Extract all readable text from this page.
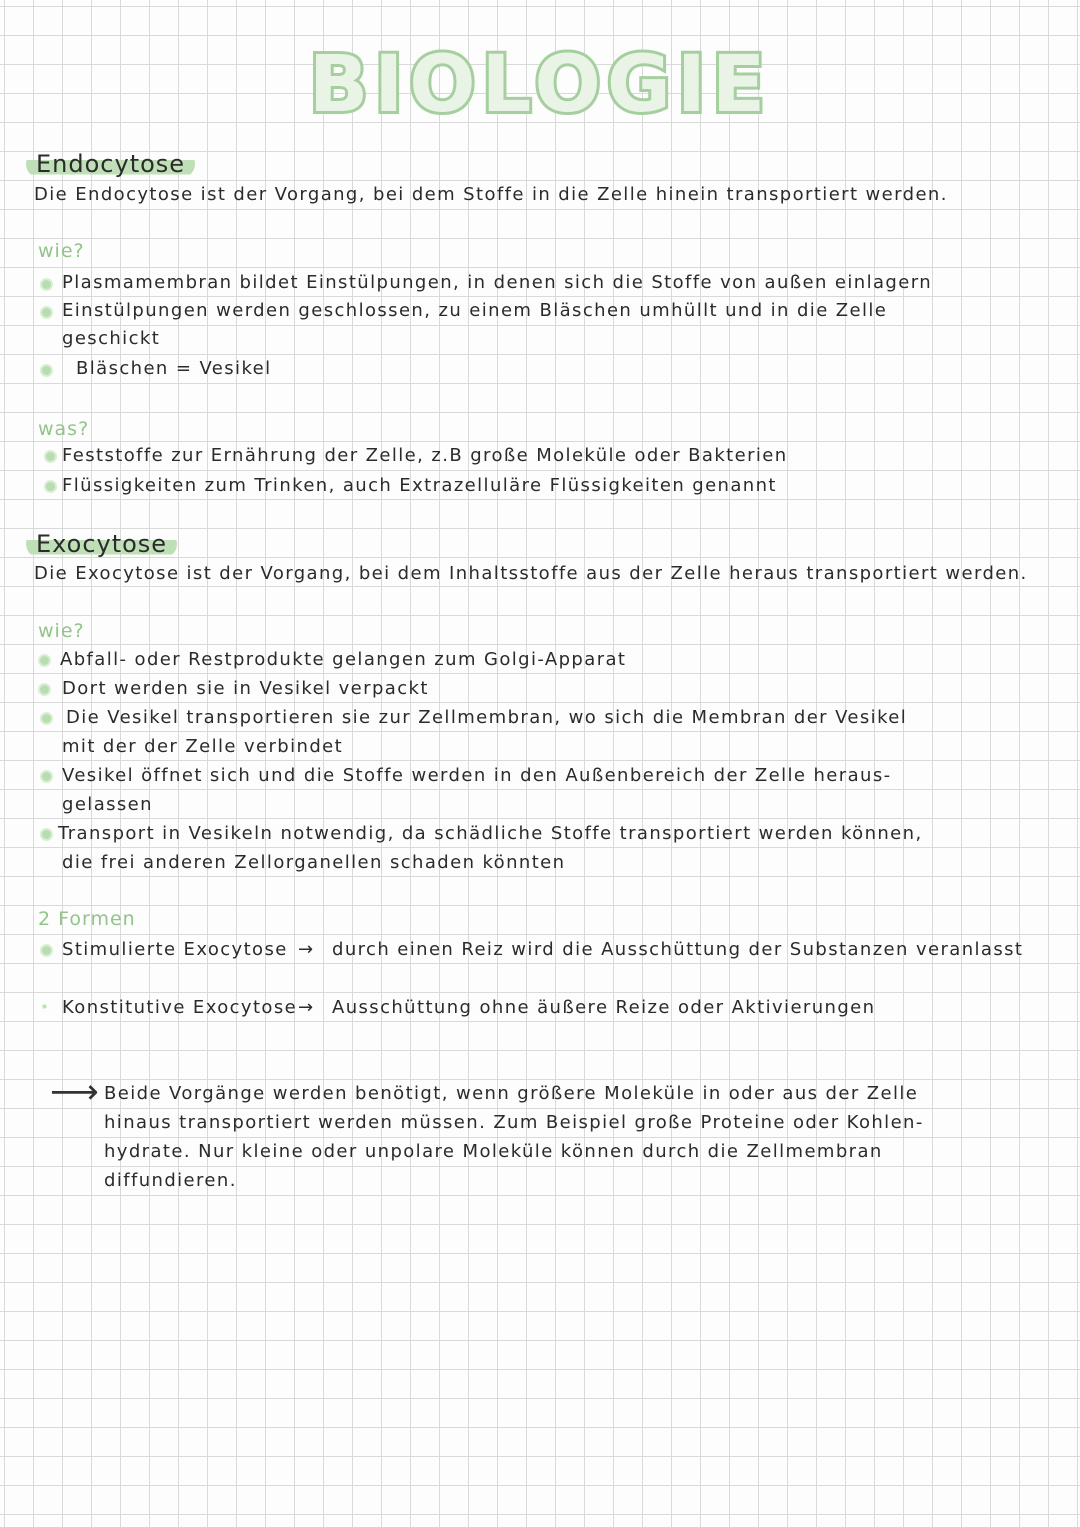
BIOLOGIE
Endocytose
Die Endocytose ist der Vorgang, bei dem Stoffe in die Zelle hinein transportiert werden.
wie?
Plasmamembran bildet Einstülpungen, in denen sich die Stoffe von außen einlagern
Einstülpungen werden geschlossen, zu einem Bläschen umhüllt und in die Zelle
geschickt
Bläschen = Vesikel
was?
Feststoffe zur Ernährung der Zelle, z.B große Moleküle oder Bakterien
Flüssigkeiten zum Trinken, auch Extrazelluläre Flüssigkeiten genannt
Exocytose
Die Exocytose ist der Vorgang, bei dem Inhaltsstoffe aus der Zelle heraus transportiert werden.
wie?
Abfall- oder Restprodukte gelangen zum Golgi-Apparat
Dort werden sie in Vesikel verpackt
Die Vesikel transportieren sie zur Zellmembran, wo sich die Membran der Vesikel
mit der der Zelle verbindet
Vesikel öffnet sich und die Stoffe werden in den Außenbereich der Zelle heraus-
gelassen
Transport in Vesikeln notwendig, da schädliche Stoffe transportiert werden können,
die frei anderen Zellorganellen schaden könnten
2 Formen
Stimulierte Exocytose → durch einen Reiz wird die Ausschüttung der Substanzen veranlasst
Konstitutive Exocytose → Ausschüttung ohne äußere Reize oder Aktivierungen
⟶ Beide Vorgänge werden benötigt, wenn größere Moleküle in oder aus der Zelle
hinaus transportiert werden müssen. Zum Beispiel große Proteine oder Kohlen-
hydrate. Nur kleine oder unpolare Moleküle können durch die Zellmembran
diffundieren.
